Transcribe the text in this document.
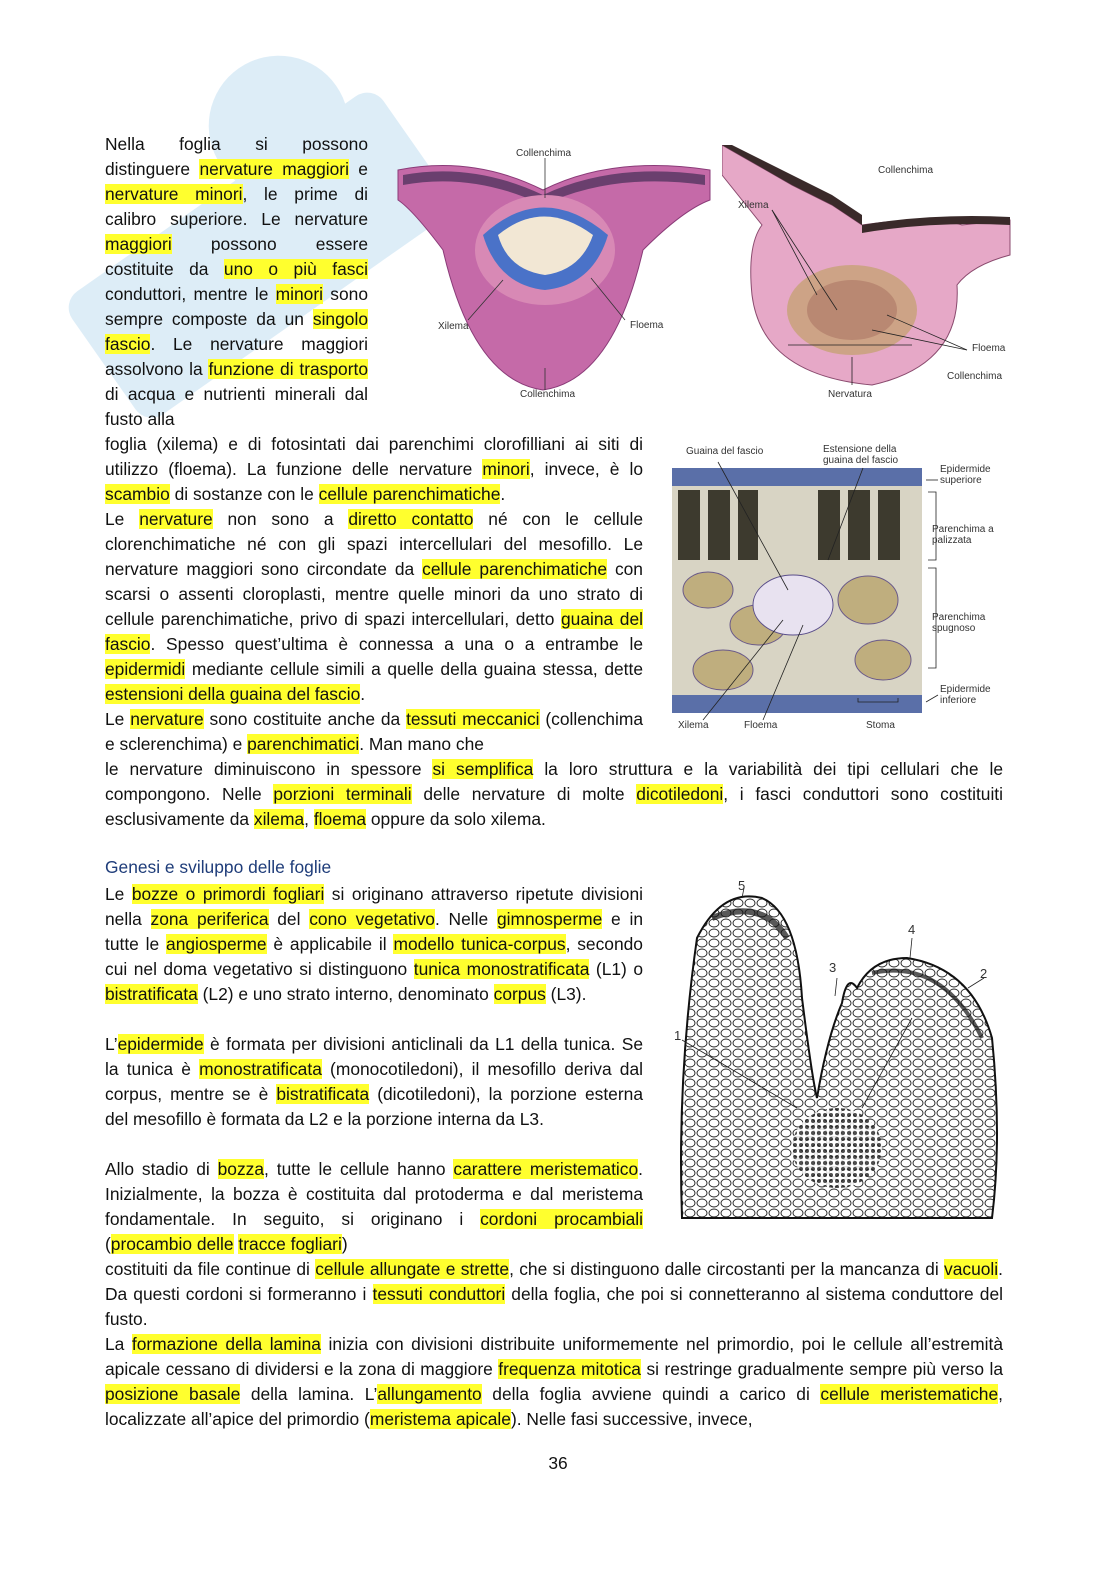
Nella foglia si possono distinguere nervature maggiori e nervature minori, le prime di calibro superiore. Le nervature maggiori possono essere costituite da uno o più fasci conduttori, mentre le minori sono sempre composte da un singolo fascio. Le nervature maggiori assolvono la funzione di trasporto di acqua e nutrienti minerali dal fusto alla
foglia (xilema) e di fotosintati dai parenchimi clorofilliani ai siti di utilizzo (floema). La funzione delle nervature minori, invece, è lo scambio di sostanze con le cellule parenchimatiche.
Le nervature non sono a diretto contatto né con le cellule clorenchimatiche né con gli spazi intercellulari del mesofillo. Le nervature maggiori sono circondate da cellule parenchimatiche con scarsi o assenti cloroplasti, mentre quelle minori da uno strato di cellule parenchimatiche, privo di spazi intercellulari, detto guaina del fascio. Spesso quest’ultima è connessa a una o a entrambe le epidermidi mediante cellule simili a quelle della guaina stessa, dette estensioni della guaina del fascio.
Le nervature sono costituite anche da tessuti meccanici (collenchima e sclerenchima) e parenchimatici. Man mano che
le nervature diminuiscono in spessore si semplifica la loro struttura e la variabilità dei tipi cellulari che le compongono. Nelle porzioni terminali delle nervature di molte dicotiledoni, i fasci conduttori sono costituiti esclusivamente da xilema, floema oppure da solo xilema.
Genesi e sviluppo delle foglie
Le bozze o primordi fogliari si originano attraverso ripetute divisioni nella zona periferica del cono vegetativo. Nelle gimnosperme e in tutte le angiosperme è applicabile il modello tunica-corpus, secondo cui nel doma vegetativo si distinguono tunica monostratificata (L1) o bistratificata (L2) e uno strato interno, denominato corpus (L3).
L’epidermide è formata per divisioni anticlinali da L1 della tunica. Se la tunica è monostratificata (monocotiledoni), il mesofillo deriva dal corpus, mentre se è bistratificata (dicotiledoni), la porzione esterna del mesofillo è formata da L2 e la porzione interna da L3.
Allo stadio di bozza, tutte le cellule hanno carattere meristematico. Inizialmente, la bozza è costituita dal protoderma e dal meristema fondamentale. In seguito, si originano i cordoni procambiali (procambio delle tracce fogliari)
costituiti da file continue di cellule allungate e strette, che si distinguono dalle circostanti per la mancanza di vacuoli. Da questi cordoni si formeranno i tessuti conduttori della foglia, che poi si connetteranno al sistema conduttore del fusto.
La formazione della lamina inizia con divisioni distribuite uniformemente nel primordio, poi le cellule all’estremità apicale cessano di dividersi e la zona di maggiore frequenza mitotica si restringe gradualmente sempre più verso la posizione basale della lamina. L’allungamento della foglia avviene quindi a carico di cellule meristematiche, localizzate all’apice del primordio (meristema apicale). Nelle fasi successive, invece,
36
Collenchima
Xilema	Floema
Collenchima
Collenchima
Xilema
Floema
Collenchima
Nervatura
Guaina del fascio	Estensione della guaina del fascio
Epidermide superiore
Parenchima a palizzata
Parenchima spugnoso
Epidermide inferiore
Xilema	Floema	Stoma
5
4
3	2
1
